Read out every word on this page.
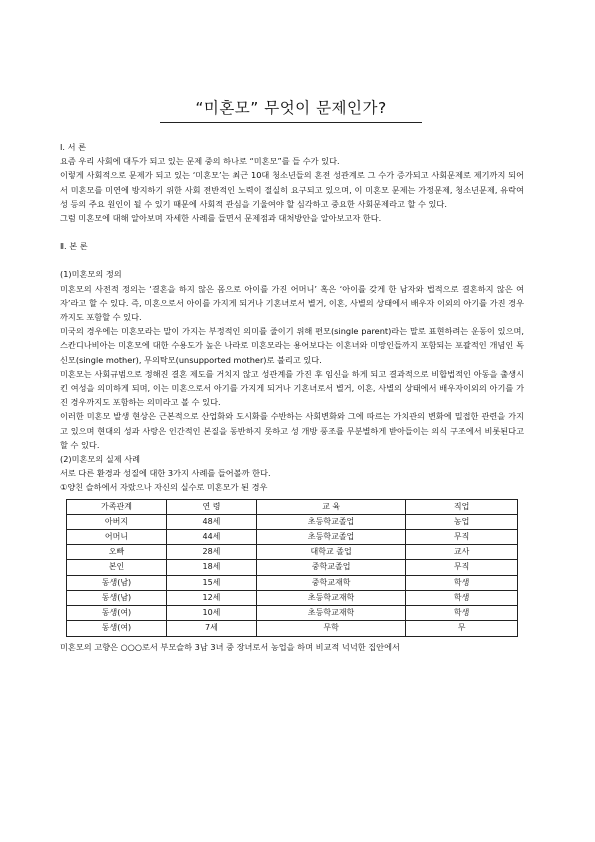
“미혼모” 무엇이 문제인가?

Ⅰ. 서 론

요즘 우리 사회에 대두가 되고 있는 문제 중의 하나로 “미혼모”를 들 수가 있다.

이렇게 사회적으로 문제가 되고 있는 ‘미혼모’는 최근 10대 청소년들의 혼전 성관계로 그 수가 증가되고 사회문제로 제기까지 되어서 미혼모를 미연에 방지하기 위한 사회 전반적인 노력이 절실히 요구되고 있으며, 이 미혼모 문제는 가정문제, 청소년문제, 유락여성 등의 주요 원인이 될 수 있기 때문에 사회적 관심을 기울여야 할 심각하고 중요한 사회문제라고 할 수 있다.

그럼 미혼모에 대해 알아보며 자세한 사례를 들면서 문제점과 대처방안을 알아보고자 한다.

Ⅱ. 본 론

(1)미혼모의 정의

미혼모의 사전적 정의는 ‘결혼을 하지 않은 몸으로 아이를 가진 어머니’ 혹은 ‘아이를 갖게 한 남자와 법적으로 결혼하지 않은 여자’라고 할 수 있다. 즉, 미혼으로서 아이를 가지게 되거나 기혼녀로서 별거, 이혼, 사별의 상태에서 배우자 이외의 아기를 가진 경우까지도 포함할 수 있다.

미국의 경우에는 미혼모라는 말이 가지는 부정적인 의미를 줄이기 위해 편모(single parent)라는 말로 표현하려는 운동이 있으며, 스칸디나비아는 미혼모에 대한 수용도가 높은 나라로 미혼모라는 용어보다는 이혼녀와 미망인들까지 포함되는 포괄적인 개념인 독신모(single mother), 무의탁모(unsupported mother)로 불리고 있다.

미혼모는 사회규범으로 정해진 결혼 제도를 거치지 않고 성관계를 가진 후 임신을 하게 되고 결과적으로 비합법적인 아동을 출생시킨 여성을 의미하게 되며, 이는 미혼으로서 아기를 가지게 되거나 기혼녀로서 별거, 이혼, 사별의 상태에서 배우자이외의 아기를 가진 경우까지도 포함하는 의미라고 볼 수 있다.

이러한 미혼모 발생 현상은 근본적으로 산업화와 도시화를 수반하는 사회변화와 그에 따르는 가치관의 변화에 밀접한 관련을 가지고 있으며 현대의 성과 사랑은 인간적인 본질을 동반하지 못하고 성 개방 풍조를 무분별하게 받아들이는 의식 구조에서 비롯된다고 할 수 있다.

(2)미혼모의 실제 사례

서로 다른 환경과 성질에 대한 3가지 사례를 들어볼까 한다.

①양친 슬하에서 자랐으나 자신의 실수로 미혼모가 된 경우

가족관계	연 령	교 육	직업
아버지	48세	초등학교졸업	농업
어머니	44세	초등학교졸업	무직
오빠	28세	대학교 졸업	교사
본인	18세	중학교졸업	무직
동생(남)	15세	중학교재학	학생
동생(남)	12세	초등학교재학	학생
동생(여)	10세	초등학교재학	학생
동생(여)	7세	무학	무

미혼모의 고향은 ○○○로서 부모슬하 3남 3녀 중 장녀로서 농업을 하며 비교적 넉넉한 집안에서
